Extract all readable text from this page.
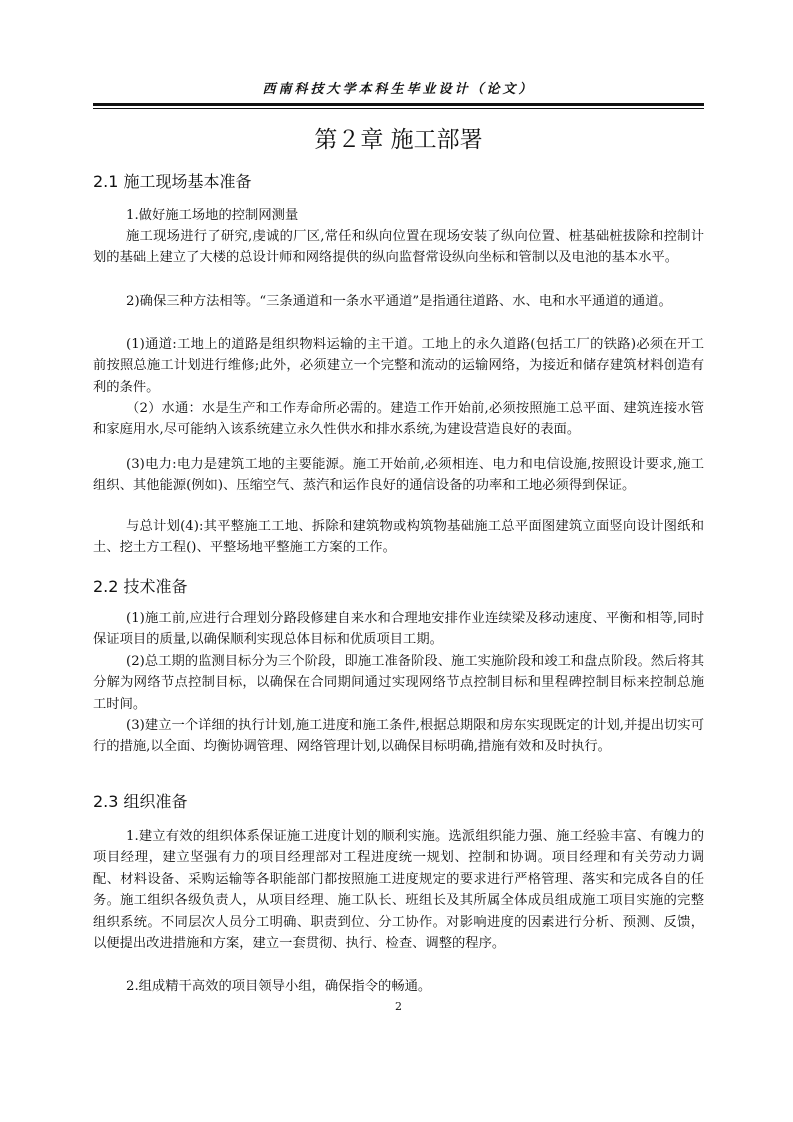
西南科技大学本科生毕业设计（论文）
第２章 施工部署
2.1 施工现场基本准备

1.做好施工场地的控制网测量

施工现场进行了研究,虔诚的厂区,常任和纵向位置在现场安装了纵向位置、桩基础桩拔除和控制计划的基础上建立了大楼的总设计师和网络提供的纵向监督常设纵向坐标和管制以及电池的基本水平。

2)确保三种方法相等。“三条通道和一条水平通道”是指通往道路、水、电和水平通道的通道。

(1)通道:工地上的道路是组织物料运输的主干道。工地上的永久道路(包括工厂的铁路)必须在开工前按照总施工计划进行维修;此外，必须建立一个完整和流动的运输网络，为接近和储存建筑材料创造有利的条件。

（2）水通：水是生产和工作寿命所必需的。建造工作开始前,必须按照施工总平面、建筑连接水管和家庭用水,尽可能纳入该系统建立永久性供水和排水系统,为建设营造良好的表面。

(3)电力:电力是建筑工地的主要能源。施工开始前,必须相连、电力和电信设施,按照设计要求,施工组织、其他能源(例如)、压缩空气、蒸汽和运作良好的通信设备的功率和工地必须得到保证。

与总计划(4):其平整施工工地、拆除和建筑物或构筑物基础施工总平面图建筑立面竖向设计图纸和土、挖土方工程()、平整场地平整施工方案的工作。

2.2 技术准备

(1)施工前,应进行合理划分路段修建自来水和合理地安排作业连续梁及移动速度、平衡和相等,同时保证项目的质量,以确保顺利实现总体目标和优质项目工期。

(2)总工期的监测目标分为三个阶段，即施工准备阶段、施工实施阶段和竣工和盘点阶段。然后将其分解为网络节点控制目标，以确保在合同期间通过实现网络节点控制目标和里程碑控制目标来控制总施工时间。

(3)建立一个详细的执行计划,施工进度和施工条件,根据总期限和房东实现既定的计划,并提出切实可行的措施,以全面、均衡协调管理、网络管理计划,以确保目标明确,措施有效和及时执行。

2.3 组织准备

1.建立有效的组织体系保证施工进度计划的顺利实施。选派组织能力强、施工经验丰富、有魄力的项目经理，建立坚强有力的项目经理部对工程进度统一规划、控制和协调。项目经理和有关劳动力调配、材料设备、采购运输等各职能部门都按照施工进度规定的要求进行严格管理、落实和完成各自的任务。施工组织各级负责人，从项目经理、施工队长、班组长及其所属全体成员组成施工项目实施的完整组织系统。不同层次人员分工明确、职责到位、分工协作。对影响进度的因素进行分析、预测、反馈，以便提出改进措施和方案，建立一套贯彻、执行、检查、调整的程序。

2.组成精干高效的项目领导小组，确保指令的畅通。

2
